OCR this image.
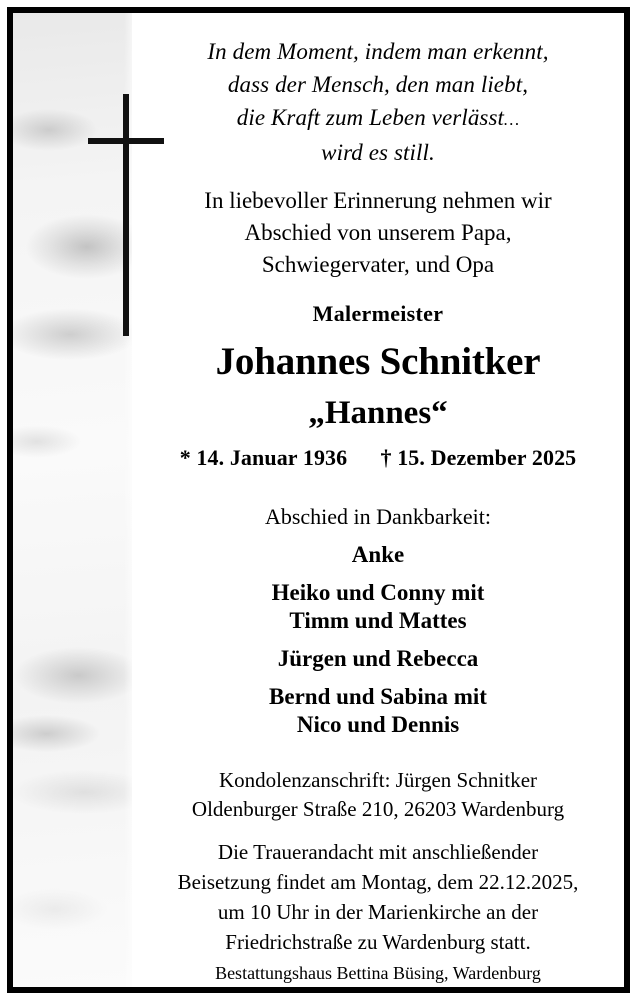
In dem Moment, indem man erkennt,
dass der Mensch, den man liebt,
die Kraft zum Leben verlässt…
wird es still.
In liebevoller Erinnerung nehmen wir
Abschied von unserem Papa,
Schwiegervater, und Opa
Malermeister
Johannes Schnitker
„Hannes“
* 14. Januar 1936 † 15. Dezember 2025
Abschied in Dankbarkeit:
Anke
Heiko und Conny mit
Timm und Mattes
Jürgen und Rebecca
Bernd und Sabina mit
Nico und Dennis
Kondolenzanschrift: Jürgen Schnitker
Oldenburger Straße 210, 26203 Wardenburg
Die Trauerandacht mit anschließender
Beisetzung findet am Montag, dem 22.12.2025,
um 10 Uhr in der Marienkirche an der
Friedrichstraße zu Wardenburg statt.
Bestattungshaus Bettina Büsing, Wardenburg
